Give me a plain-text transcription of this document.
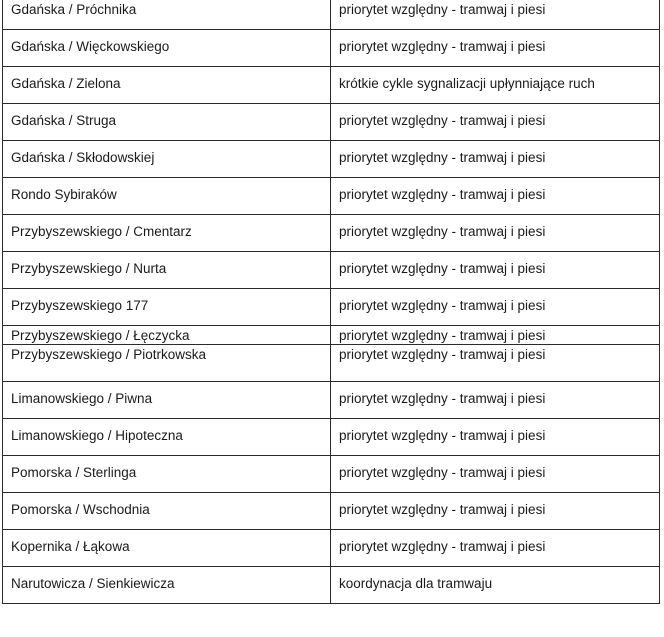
Gdańska / Próchnika	priorytet względny - tramwaj i piesi

Gdańska / Więckowskiego	priorytet względny - tramwaj i piesi

Gdańska / Zielona	krótkie cykle sygnalizacji upłynniające ruch

Gdańska / Struga	priorytet względny - tramwaj i piesi

Gdańska / Skłodowskiej	priorytet względny - tramwaj i piesi

Rondo Sybiraków	priorytet względny - tramwaj i piesi

Przybyszewskiego / Cmentarz	priorytet względny - tramwaj i piesi

Przybyszewskiego / Nurta	priorytet względny - tramwaj i piesi

Przybyszewskiego 177	priorytet względny - tramwaj i piesi

Przybyszewskiego / Łęczycka	priorytet względny - tramwaj i piesi

Przybyszewskiego / Piotrkowska	priorytet względny - tramwaj i piesi

Limanowskiego / Piwna	priorytet względny - tramwaj i piesi

Limanowskiego / Hipoteczna	priorytet względny - tramwaj i piesi

Pomorska / Sterlinga	priorytet względny - tramwaj i piesi

Pomorska / Wschodnia	priorytet względny - tramwaj i piesi

Kopernika / Łąkowa	priorytet względny - tramwaj i piesi

Narutowicza / Sienkiewicza	koordynacja dla tramwaju
